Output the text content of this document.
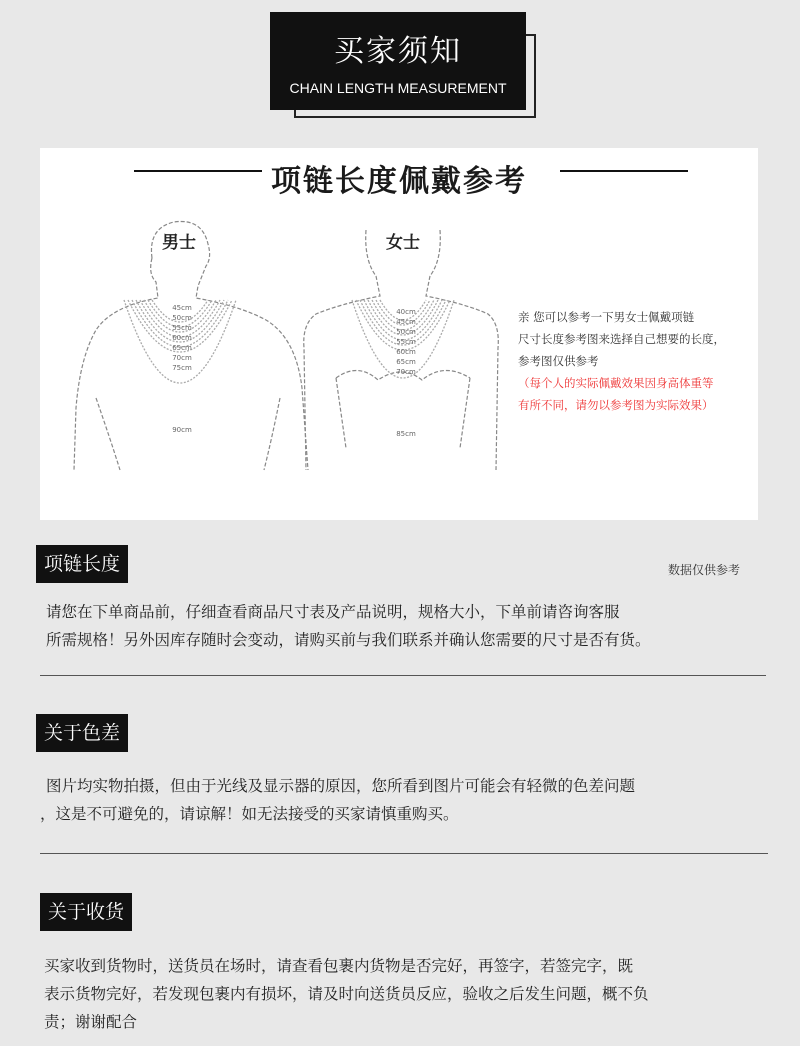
买家须知
CHAIN LENGTH MEASUREMENT
45cm
50cm
55cm
60cm
65cm
70cm
75cm
90cm
40cm
45cm
50cm
55cm
60cm
65cm
70cm
85cm
项链长度佩戴参考
男士	女士
亲 您可以参考一下男女士佩戴项链
尺寸长度参考图来选择自己想要的长度，
参考图仅供参考
（每个人的实际佩戴效果因身高体重等
有所不同，请勿以参考图为实际效果）
项链长度	数据仅供参考
请您在下单商品前，仔细查看商品尺寸表及产品说明，规格大小，下单前请咨询客服
所需规格！另外因库存随时会变动，请购买前与我们联系并确认您需要的尺寸是否有货。
关于色差
图片均实物拍摄，但由于光线及显示器的原因，您所看到图片可能会有轻微的色差问题
，这是不可避免的，请谅解！如无法接受的买家请慎重购买。
关于收货
买家收到货物时，送货员在场时，请查看包裹内货物是否完好，再签字，若签完字，既
表示货物完好，若发现包裹内有损坏，请及时向送货员反应，验收之后发生问题，概不负
责；谢谢配合
